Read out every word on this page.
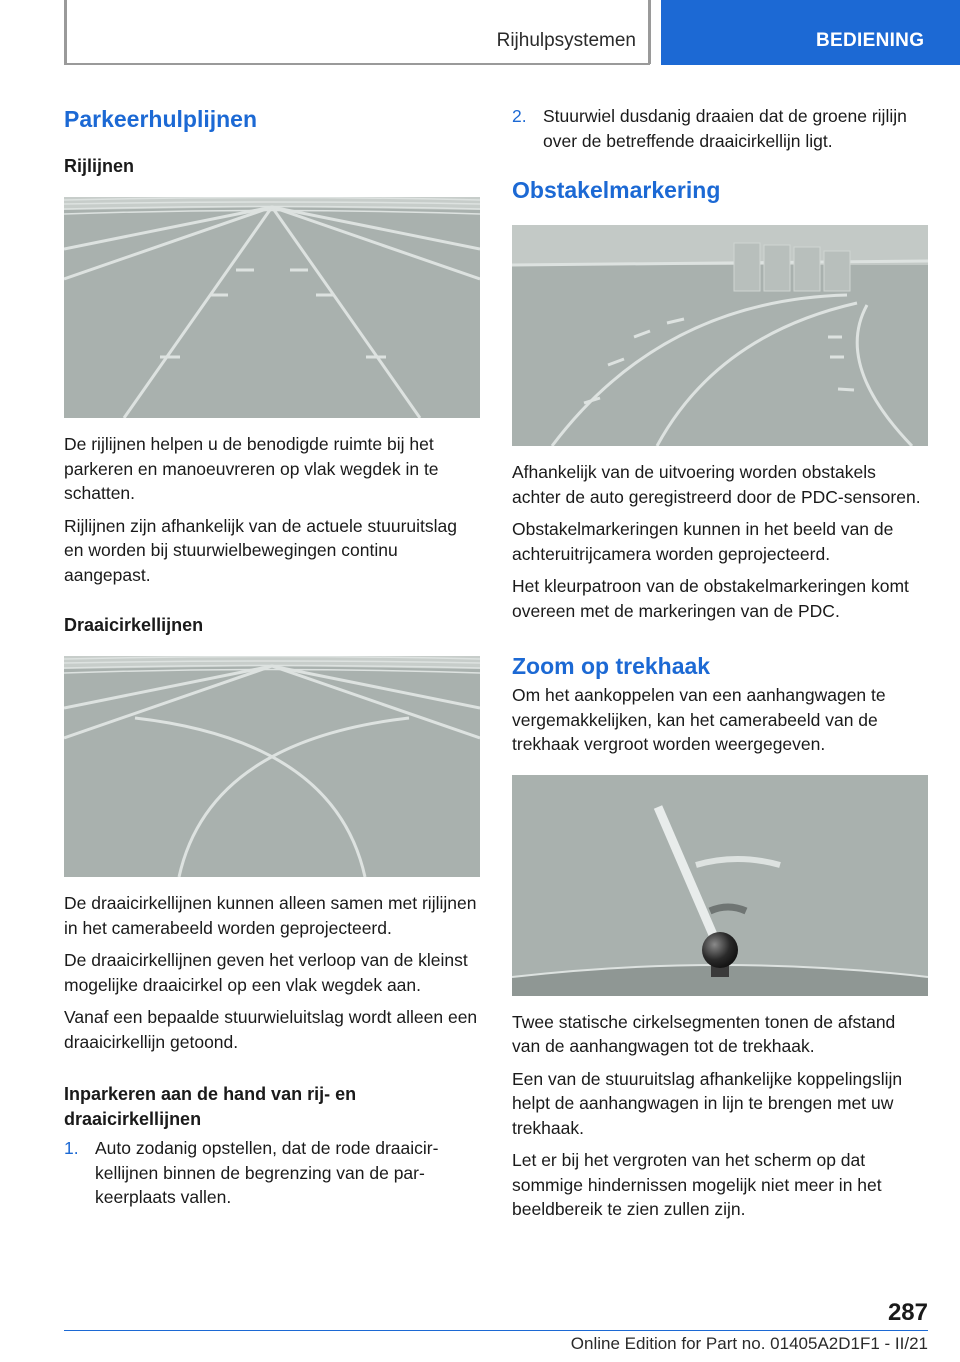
Rijhulpsystemen	BEDIENING
Parkeerhulplijnen
Rijlijnen

De rijlijnen helpen u de benodigde ruimte bij het parkeren en manoeuvreren op vlak wegdek in te schatten.

Rijlijnen zijn afhankelijk van de actuele stuuruitslag en worden bij stuurwielbewegingen continu aangepast.

Draaicirkellijnen

De draaicirkellijnen kunnen alleen samen met rijlijnen in het camerabeeld worden geprojecteerd.

De draaicirkellijnen geven het verloop van de kleinst mogelijke draaicirkel op een vlak wegdek aan.

Vanaf een bepaalde stuurwieluitslag wordt alleen een draaicirkellijn getoond.

Inparkeren aan de hand van rij- en draaicirkellijnen
1. Auto zodanig opstellen, dat de rode draaicirkellijnen binnen de begrenzing van de parkeerplaats vallen.
2. Stuurwiel dusdanig draaien dat de groene rijlijn over de betreffende draaicirkellijn ligt.
Obstakelmarkering

Afhankelijk van de uitvoering worden obstakels achter de auto geregistreerd door de PDC-sensoren.

Obstakelmarkeringen kunnen in het beeld van de achteruitrijcamera worden geprojecteerd.

Het kleurpatroon van de obstakelmarkeringen komt overeen met de markeringen van de PDC.

Zoom op trekhaak

Om het aankoppelen van een aanhangwagen te vergemakkelijken, kan het camerabeeld van de trekhaak vergroot worden weergegeven.

Twee statische cirkelsegmenten tonen de afstand van de aanhangwagen tot de trekhaak.

Een van de stuuruitslag afhankelijke koppelingslijn helpt de aanhangwagen in lijn te brengen met uw trekhaak.

Let er bij het vergroten van het scherm op dat sommige hindernissen mogelijk niet meer in het beeldbereik te zien zullen zijn.

287
Online Edition for Part no. 01405A2D1F1 - II/21
